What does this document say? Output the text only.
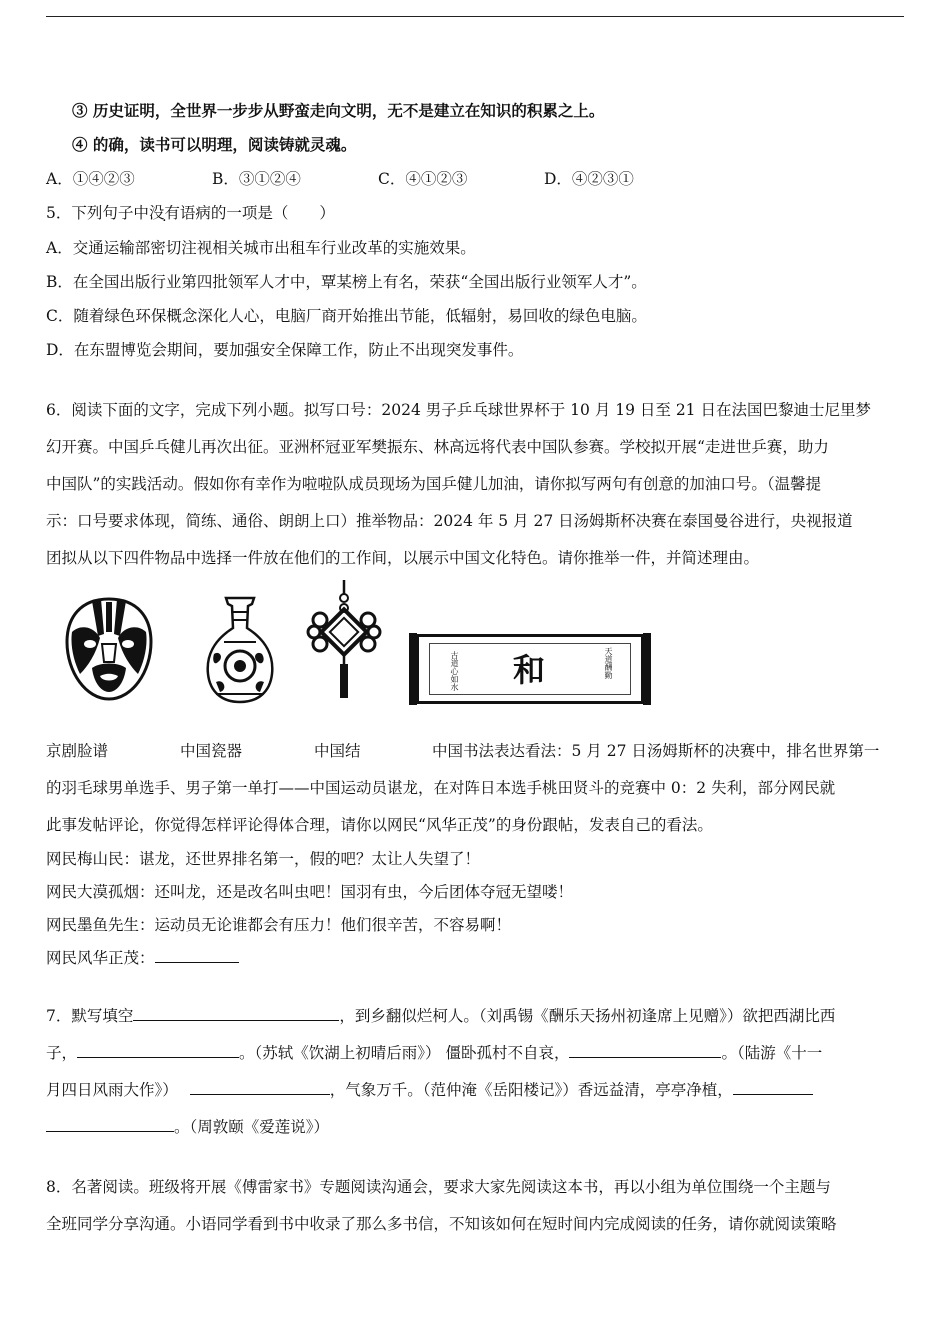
③ 历史证明，全世界一步步从野蛮走向文明，无不是建立在知识的积累之上。
④ 的确，读书可以明理，阅读铸就灵魂。
A．①④②③	B．③①②④	C．④①②③	D．④②③①
5．下列句子中没有语病的一项是（　　）
A．交通运输部密切注视相关城市出租车行业改革的实施效果。
B．在全国出版行业第四批领军人才中，覃某榜上有名，荣获“全国出版行业领军人才”。
C．随着绿色环保概念深化人心，电脑厂商开始推出节能，低辐射，易回收的绿色电脑。
D．在东盟博览会期间，要加强安全保障工作，防止不出现突发事件。
6．阅读下面的文字，完成下列小题。拟写口号：2024 男子乒乓球世界杯于 10 月 19 日至 21 日在法国巴黎迪士尼里梦
幻开赛。中国乒乓健儿再次出征。亚洲杯冠亚军樊振东、林高远将代表中国队参赛。学校拟开展“走进世乒赛，助力
中国队”的实践活动。假如你有幸作为啦啦队成员现场为国乒健儿加油，请你拟写两句有创意的加油口号。（温馨提
示：口号要求体现，简练、通俗、朗朗上口）推举物品：2024 年 5 月 27 日汤姆斯杯决赛在泰国曼谷进行，央视报道
团拟从以下四件物品中选择一件放在他们的工作间，以展示中国文化特色。请你推举一件，并简述理由。
古道心如水 和	天道酬勤
京剧脸谱	中国瓷器	中国结	中国书法表达看法：5 月 27 日汤姆斯杯的决赛中，排名世界第一
的羽毛球男单选手、男子第一单打——中国运动员谌龙，在对阵日本选手桃田贤斗的竞赛中 0：2 失利，部分网民就
此事发帖评论，你觉得怎样评论得体合理，请你以网民“风华正茂”的身份跟帖，发表自己的看法。
网民梅山民：谌龙，还世界排名第一，假的吧？太让人失望了！
网民大漠孤烟：还叫龙，还是改名叫虫吧！国羽有虫，今后团体夺冠无望喽！
网民墨鱼先生：运动员无论谁都会有压力！他们很辛苦，不容易啊！
网民风华正茂：
7．默写填空	，到乡翻似烂柯人。（刘禹锡《酬乐天扬州初逢席上见赠》）欲把西湖比西
子，	。（苏轼《饮湖上初晴后雨》） 僵卧孤村不自哀，	。（陆游《十一
月四日风雨大作》）	，气象万千。（范仲淹《岳阳楼记》）香远益清，亭亭净植，
。（周敦颐《爱莲说》）
8．名著阅读。班级将开展《傅雷家书》专题阅读沟通会，要求大家先阅读这本书，再以小组为单位围绕一个主题与
全班同学分享沟通。小语同学看到书中收录了那么多书信，不知该如何在短时间内完成阅读的任务，请你就阅读策略
